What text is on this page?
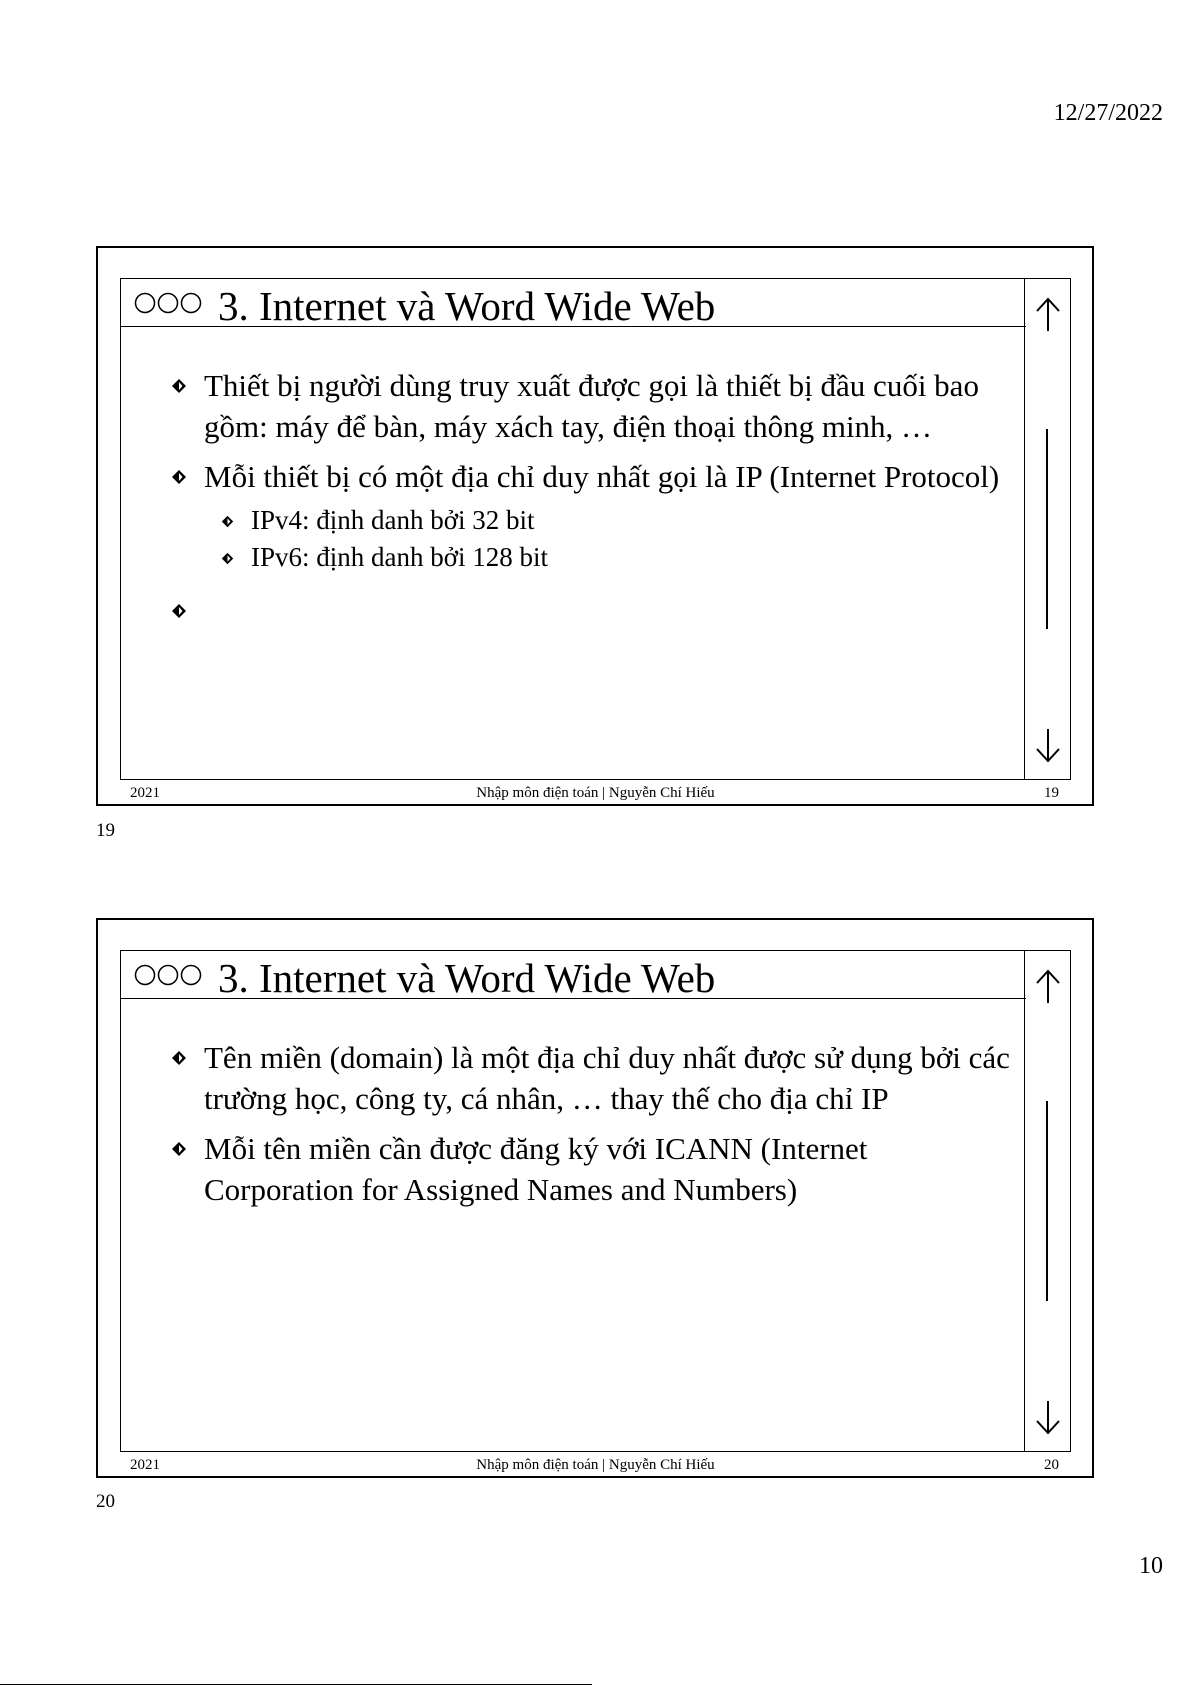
12/27/2022
3. Internet và Word Wide Web
Thiết bị người dùng truy xuất được gọi là thiết bị đầu cuối bao gồm: máy để bàn, máy xách tay, điện thoại thông minh, …
Mỗi thiết bị có một địa chỉ duy nhất gọi là IP (Internet Protocol)
IPv4: định danh bởi 32 bit
IPv6: định danh bởi 128 bit

2021	Nhập môn điện toán | Nguyễn Chí Hiếu	19
19
3. Internet và Word Wide Web
Tên miền (domain) là một địa chỉ duy nhất được sử dụng bởi các trường học, công ty, cá nhân, … thay thế cho địa chỉ IP
Mỗi tên miền cần được đăng ký với ICANN (Internet Corporation for Assigned Names and Numbers)
2021	Nhập môn điện toán | Nguyễn Chí Hiếu	20
20
10
